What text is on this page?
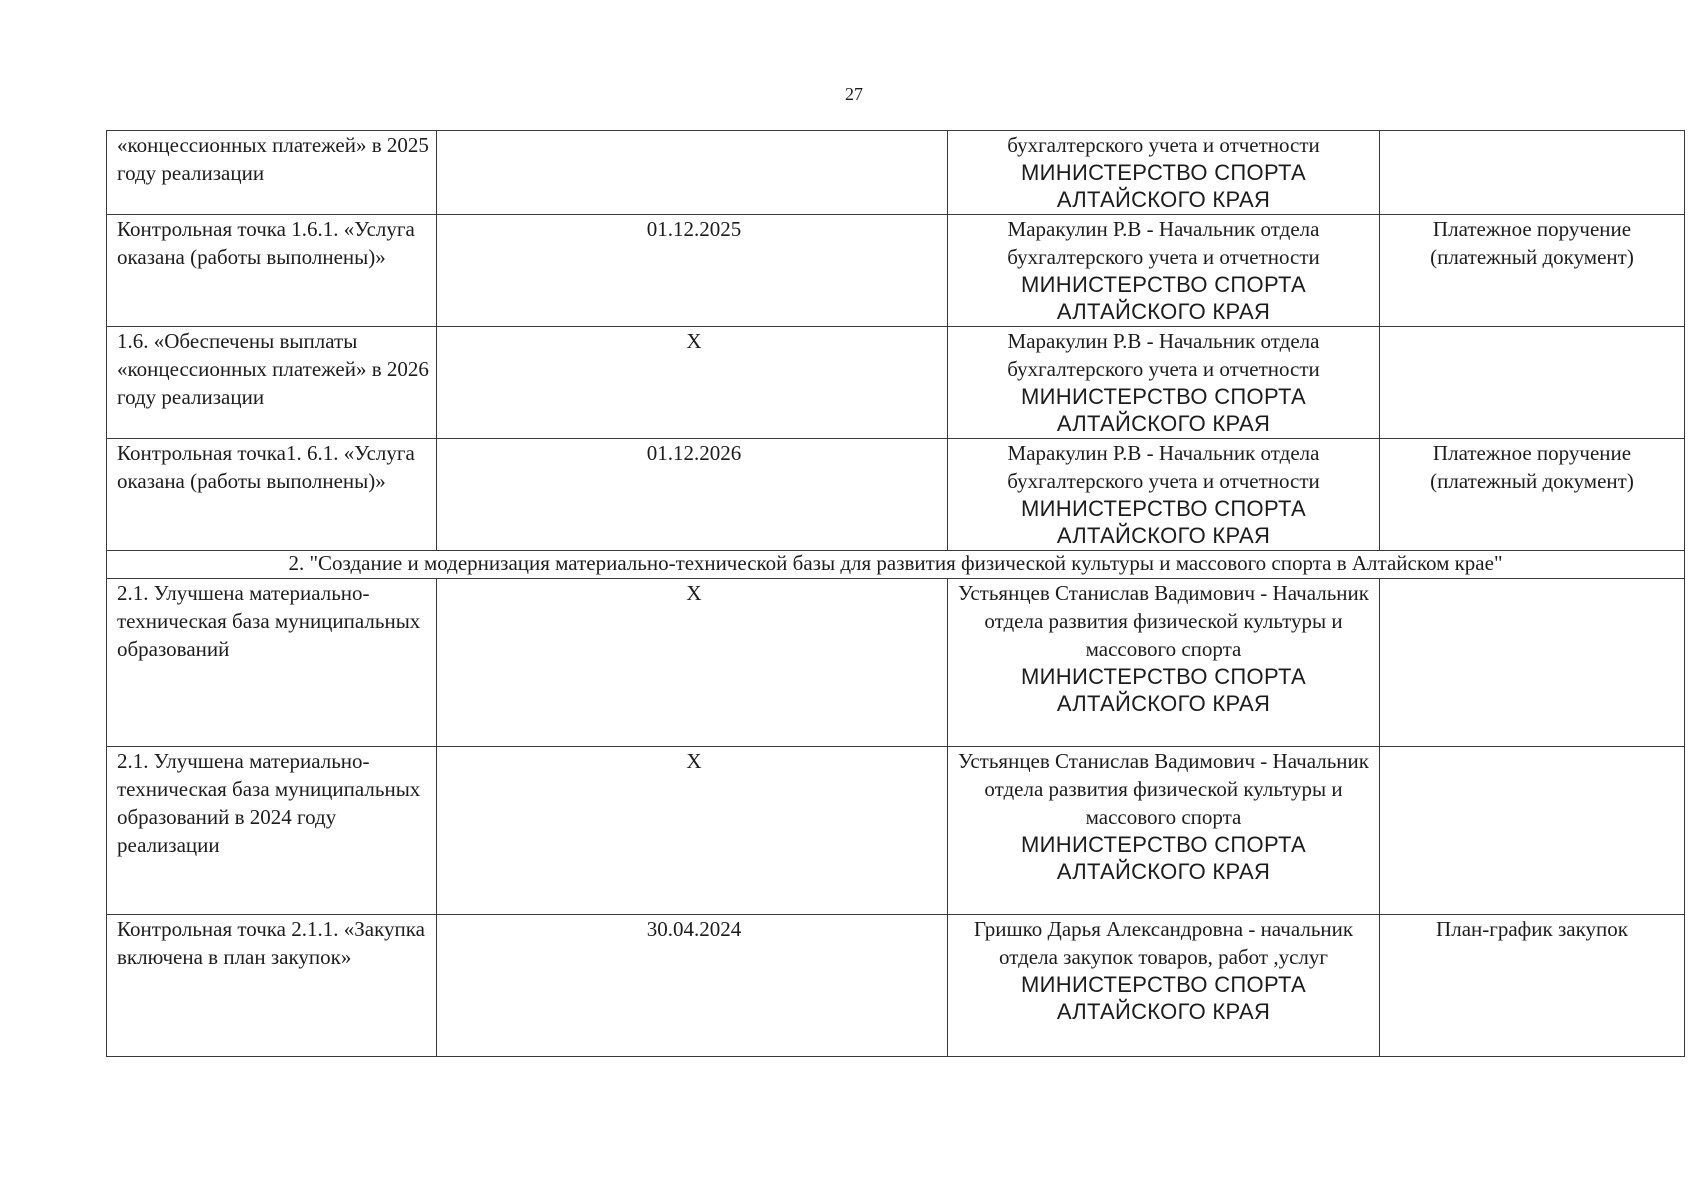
27
«концессионных платежей» в 2025 году реализации		бухгалтерского учета и отчетности
МИНИСТЕРСТВО СПОРТА АЛТАЙСКОГО КРАЯ	

Контрольная точка 1.6.1. «Услуга оказана (работы выполнены)»	01.12.2025	Маракулин Р.В - Начальник отдела бухгалтерского учета и отчетности
МИНИСТЕРСТВО СПОРТА АЛТАЙСКОГО КРАЯ	Платежное поручение (платежный документ)
1.6. «Обеспечены выплаты «концессионных платежей» в 2026 году реализации	X	Маракулин Р.В - Начальник отдела бухгалтерского учета и отчетности
МИНИСТЕРСТВО СПОРТА АЛТАЙСКОГО КРАЯ	

Контрольная точка1. 6.1. «Услуга оказана (работы выполнены)»	01.12.2026	Маракулин Р.В - Начальник отдела бухгалтерского учета и отчетности
МИНИСТЕРСТВО СПОРТА АЛТАЙСКОГО КРАЯ	Платежное поручение (платежный документ)
2. "Создание и модернизация материально-технической базы для развития физической культуры и массового спорта в Алтайском крае"			
2.1. Улучшена материально-техническая база муниципальных образований	X	Устьянцев Станислав Вадимович - Начальник отдела развития физической культуры и массового спорта
МИНИСТЕРСТВО СПОРТА АЛТАЙСКОГО КРАЯ	

2.1. Улучшена материально-техническая база муниципальных образований в 2024 году реализации	X	Устьянцев Станислав Вадимович - Начальник отдела развития физической культуры и массового спорта
МИНИСТЕРСТВО СПОРТА АЛТАЙСКОГО КРАЯ	

Контрольная точка 2.1.1. «Закупка включена в план закупок»	30.04.2024	Гришко Дарья Александровна - начальник отдела закупок товаров, работ ,услуг
МИНИСТЕРСТВО СПОРТА АЛТАЙСКОГО КРАЯ	План-график закупок
